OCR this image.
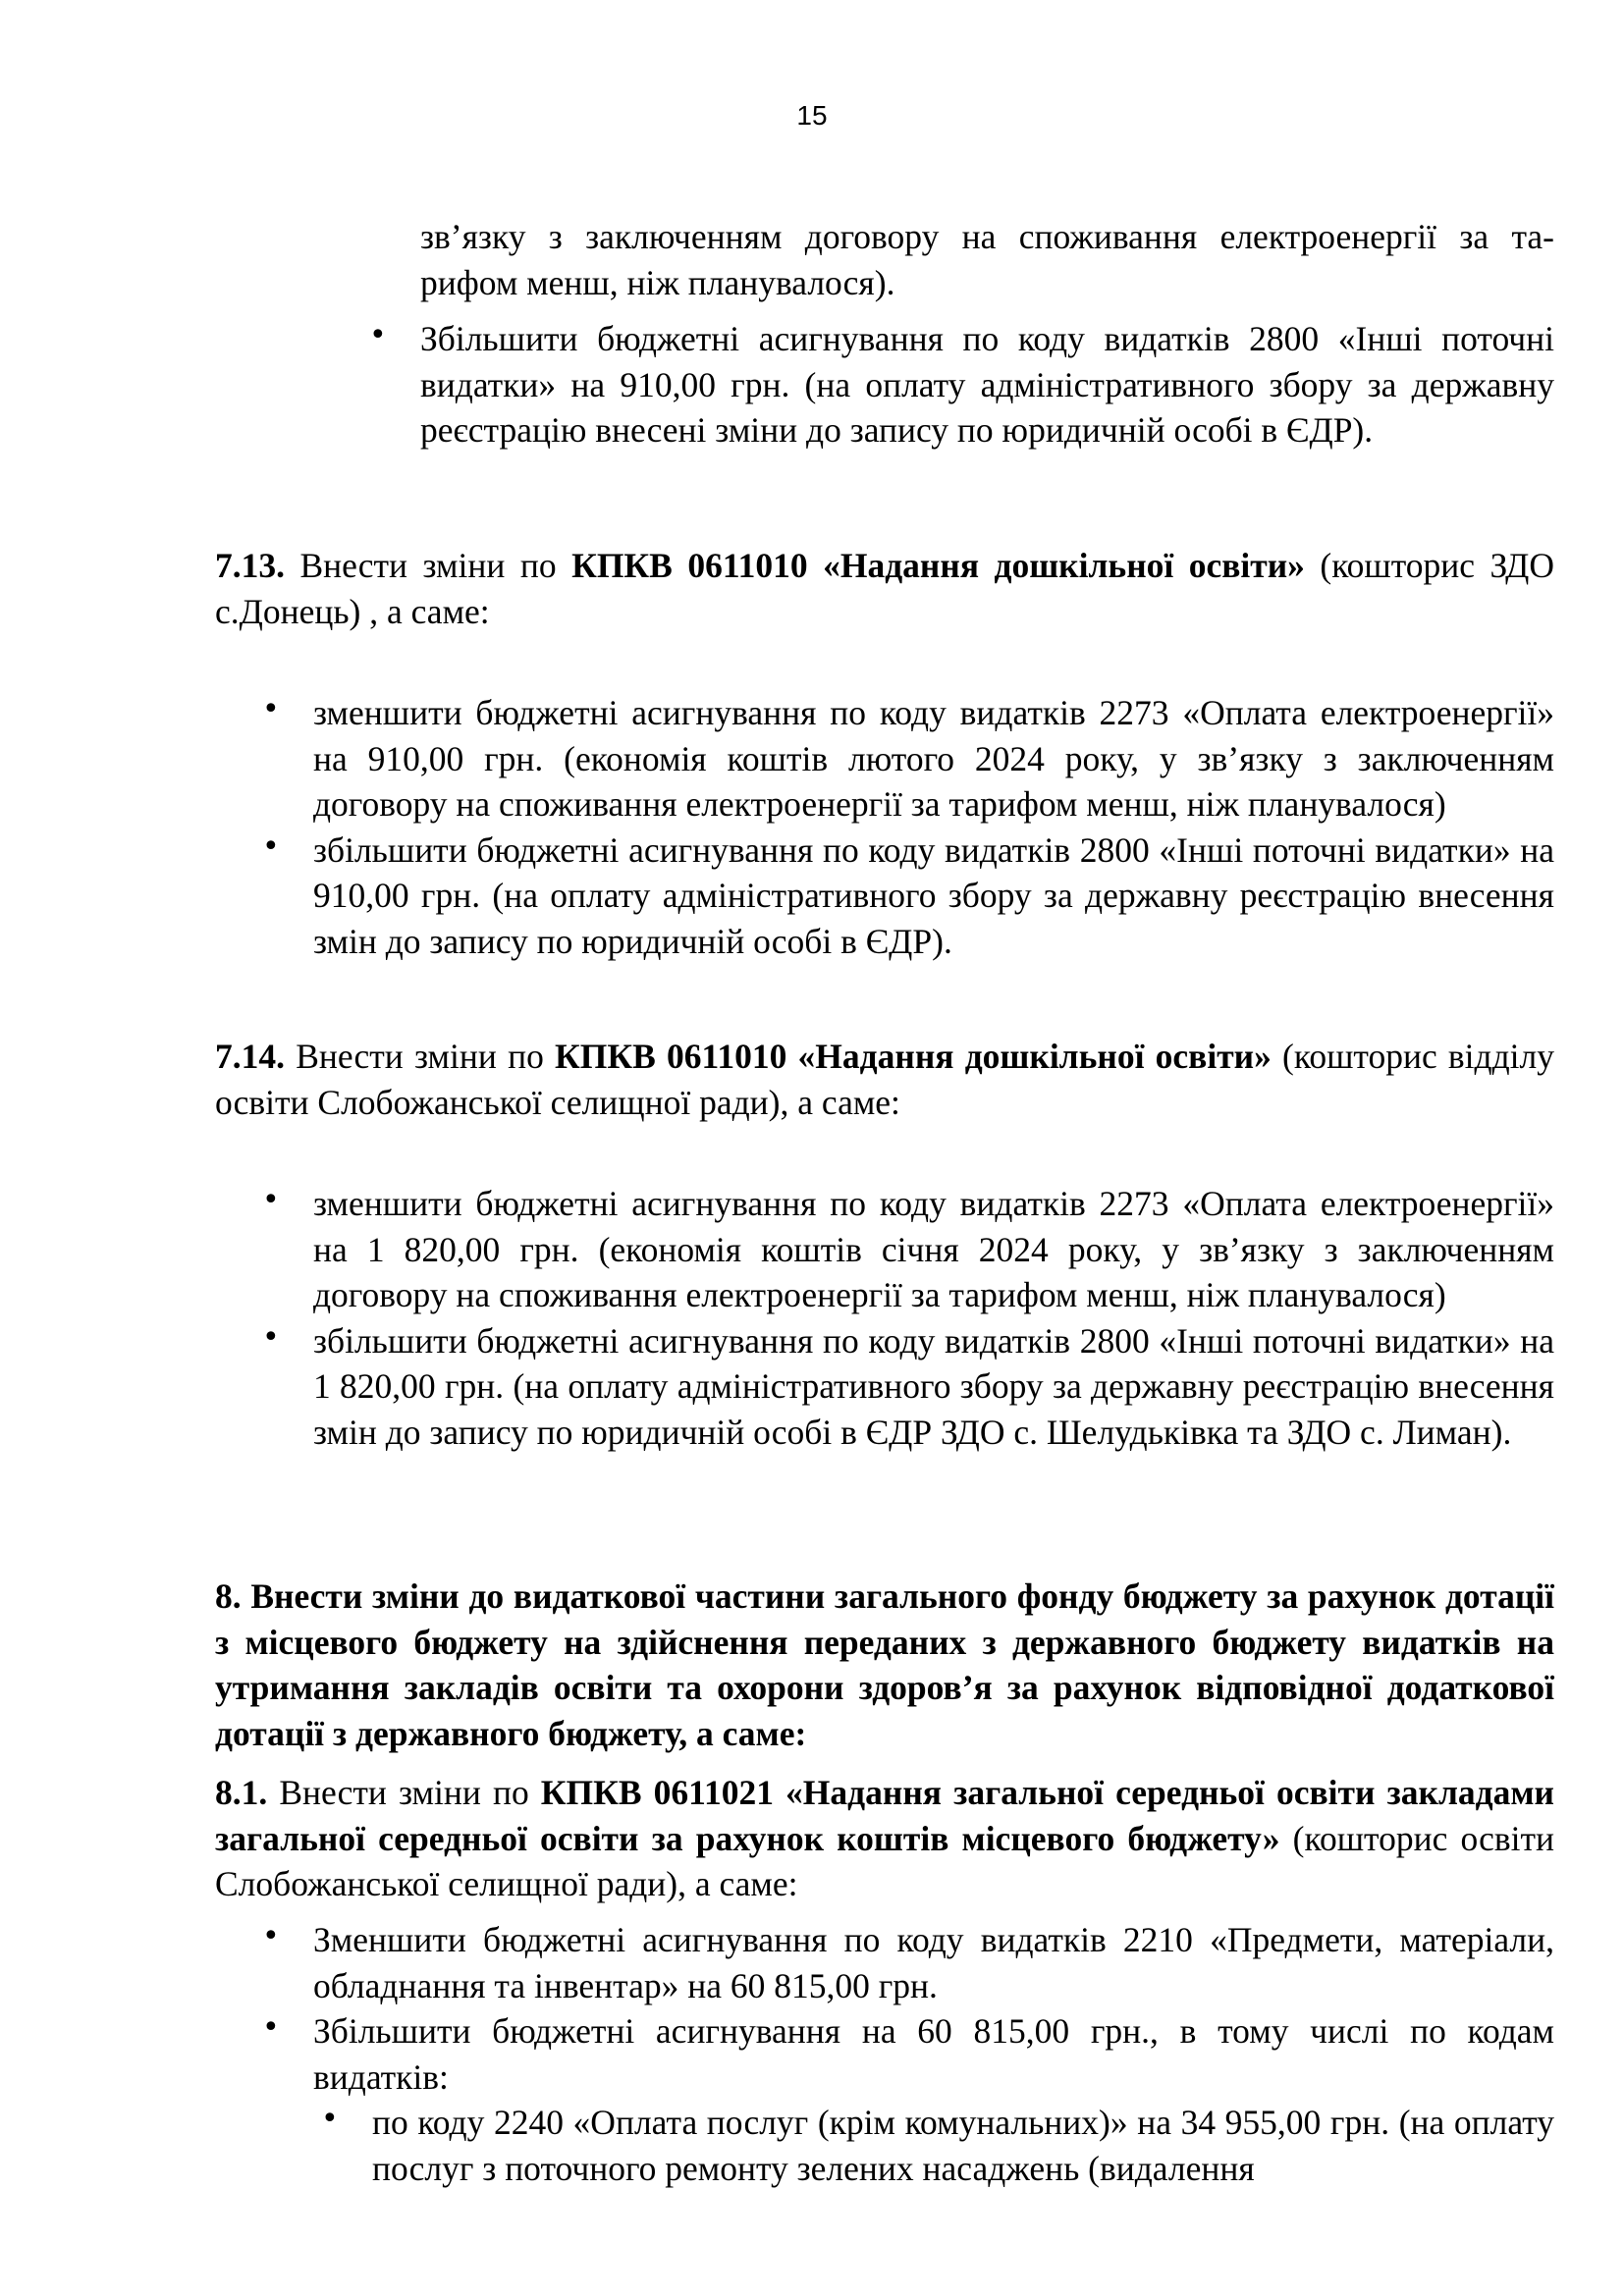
15
зв’язку з заключенням договору на споживання електроенергії за та-
рифом менш, ніж планувалося).
• Збільшити бюджетні асигнування по коду видатків 2800 «Інші поточні видатки» на 910,00 грн. (на оплату адміністративного збору за державну реєстрацію внесені зміни до запису по юридичній особі в ЄДР).

7.13. Внести зміни по КПКВ 0611010 «Надання дошкільної освіти» (кошторис ЗДО с.Донець) , а саме:

• зменшити бюджетні асигнування по коду видатків 2273 «Оплата електроенергії» на 910,00 грн. (економія коштів лютого 2024 року, у зв’язку з заключенням договору на споживання електроенергії за тарифом менш, ніж планувалося)
• збільшити бюджетні асигнування по коду видатків 2800 «Інші поточні видатки» на 910,00 грн. (на оплату адміністративного збору за державну реєстрацію внесення змін до запису по юридичній особі в ЄДР).

7.14. Внести зміни по КПКВ 0611010 «Надання дошкільної освіти» (кошторис відділу освіти Слобожанської селищної ради), а саме:

• зменшити бюджетні асигнування по коду видатків 2273 «Оплата електроенергії» на 1 820,00 грн. (економія коштів січня 2024 року, у зв’язку з заключенням договору на споживання електроенергії за тарифом менш, ніж планувалося)
• збільшити бюджетні асигнування по коду видатків 2800 «Інші поточні видатки» на 1 820,00 грн. (на оплату адміністративного збору за державну реєстрацію внесення змін до запису по юридичній особі в ЄДР ЗДО с. Шелудьківка та ЗДО с. Лиман).

8. Внести зміни до видаткової частини загального фонду бюджету за рахунок дотації з місцевого бюджету на здійснення переданих з державного бюджету видатків на утримання закладів освіти та охорони здоров’я за рахунок відповідної додаткової дотації з державного бюджету, а саме:

8.1. Внести зміни по КПКВ 0611021 «Надання загальної середньої освіти закладами загальної середньої освіти за рахунок коштів місцевого бюджету» (кошторис освіти Слобожанської селищної ради), а саме:

• Зменшити бюджетні асигнування по коду видатків 2210 «Предмети, матеріали, обладнання та інвентар» на 60 815,00 грн.
• Збільшити бюджетні асигнування на 60 815,00 грн., в тому числі по кодам видатків:
• по коду 2240 «Оплата послуг (крім комунальних)» на 34 955,00 грн. (на оплату послуг з поточного ремонту зелених насаджень (видалення
